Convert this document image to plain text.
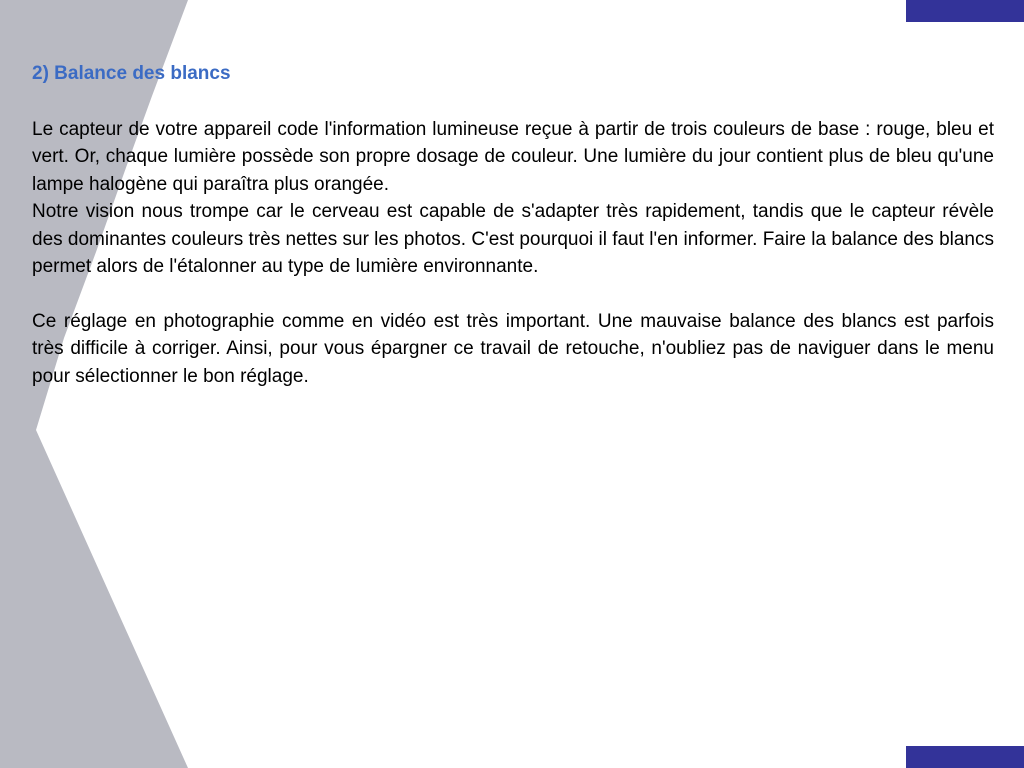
2) Balance des blancs

Le capteur de votre appareil code l'information lumineuse reçue à partir de trois couleurs de base : rouge, bleu et vert. Or, chaque lumière possède son propre dosage de couleur. Une lumière du jour contient plus de bleu qu'une lampe halogène qui paraîtra plus orangée.

Notre vision nous trompe car le cerveau est capable de s'adapter très rapidement, tandis que le capteur révèle des dominantes couleurs très nettes sur les photos. C'est pourquoi il faut l'en informer. Faire la balance des blancs permet alors de l'étalonner au type de lumière environnante.

Ce réglage en photographie comme en vidéo est très important. Une mauvaise balance des blancs est parfois très difficile à corriger. Ainsi, pour vous épargner ce travail de retouche, n'oubliez pas de naviguer dans le menu pour sélectionner le bon réglage.
